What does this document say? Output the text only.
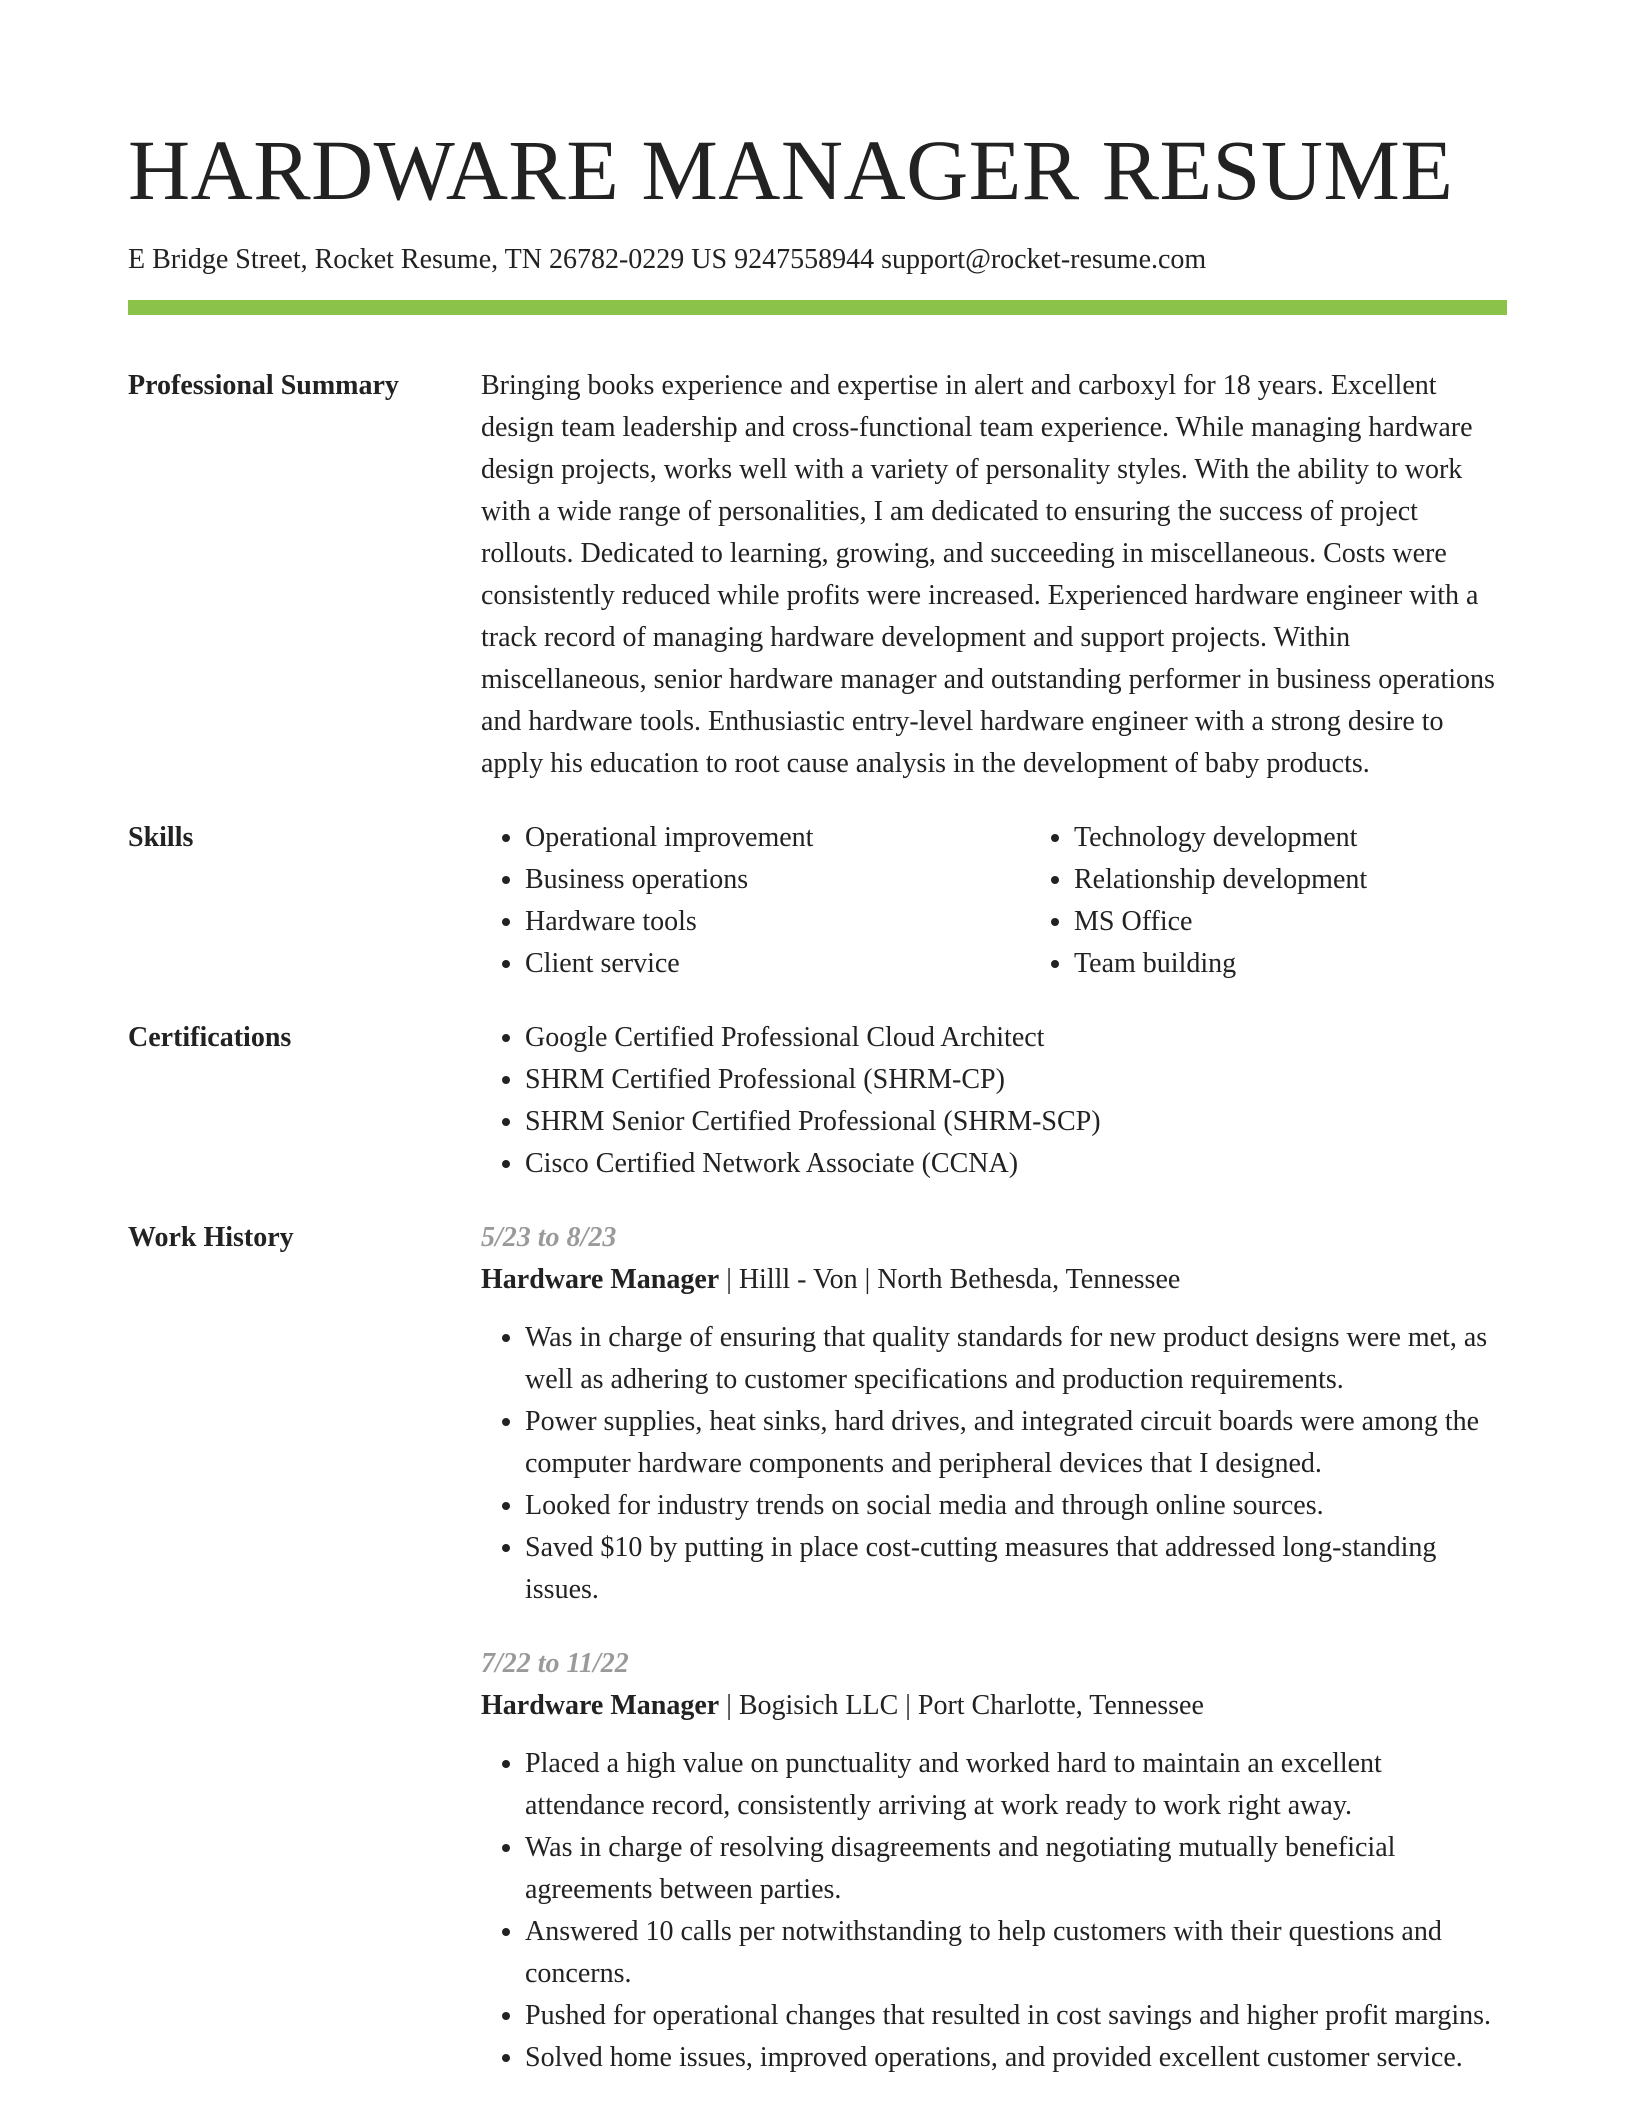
HARDWARE MANAGER RESUME
E Bridge Street, Rocket Resume, TN 26782-0229 US 9247558944 support@rocket-resume.com
Professional Summary	Bringing books experience and expertise in alert and carboxyl for 18 years. Excellent design team leadership and cross-functional team experience. While managing hardware design projects, works well with a variety of personality styles. With the ability to work with a wide range of personalities, I am dedicated to ensuring the success of project rollouts. Dedicated to learning, growing, and succeeding in miscellaneous. Costs were consistently reduced while profits were increased. Experienced hardware engineer with a track record of managing hardware development and support projects. Within miscellaneous, senior hardware manager and outstanding performer in business operations and hardware tools. Enthusiastic entry-level hardware engineer with a strong desire to apply his education to root cause analysis in the development of baby products.
Skills	• Operational improvement
• Business operations
• Hardware tools
• Client service
• Technology development
• Relationship development
• MS Office
• Team building
Certifications	• Google Certified Professional Cloud Architect
• SHRM Certified Professional (SHRM-CP)
• SHRM Senior Certified Professional (SHRM-SCP)
• Cisco Certified Network Associate (CCNA)
Work History	5/23 to 8/23
Hardware Manager | Hilll - Von | North Bethesda, Tennessee
• Was in charge of ensuring that quality standards for new product designs were met, as well as adhering to customer specifications and production requirements.
• Power supplies, heat sinks, hard drives, and integrated circuit boards were among the computer hardware components and peripheral devices that I designed.
• Looked for industry trends on social media and through online sources.
• Saved $10 by putting in place cost-cutting measures that addressed long-standing issues.
7/22 to 11/22
Hardware Manager | Bogisich LLC | Port Charlotte, Tennessee
• Placed a high value on punctuality and worked hard to maintain an excellent attendance record, consistently arriving at work ready to work right away.
• Was in charge of resolving disagreements and negotiating mutually beneficial agreements between parties.
• Answered 10 calls per notwithstanding to help customers with their questions and concerns.
• Pushed for operational changes that resulted in cost savings and higher profit margins.
• Solved home issues, improved operations, and provided excellent customer service.
